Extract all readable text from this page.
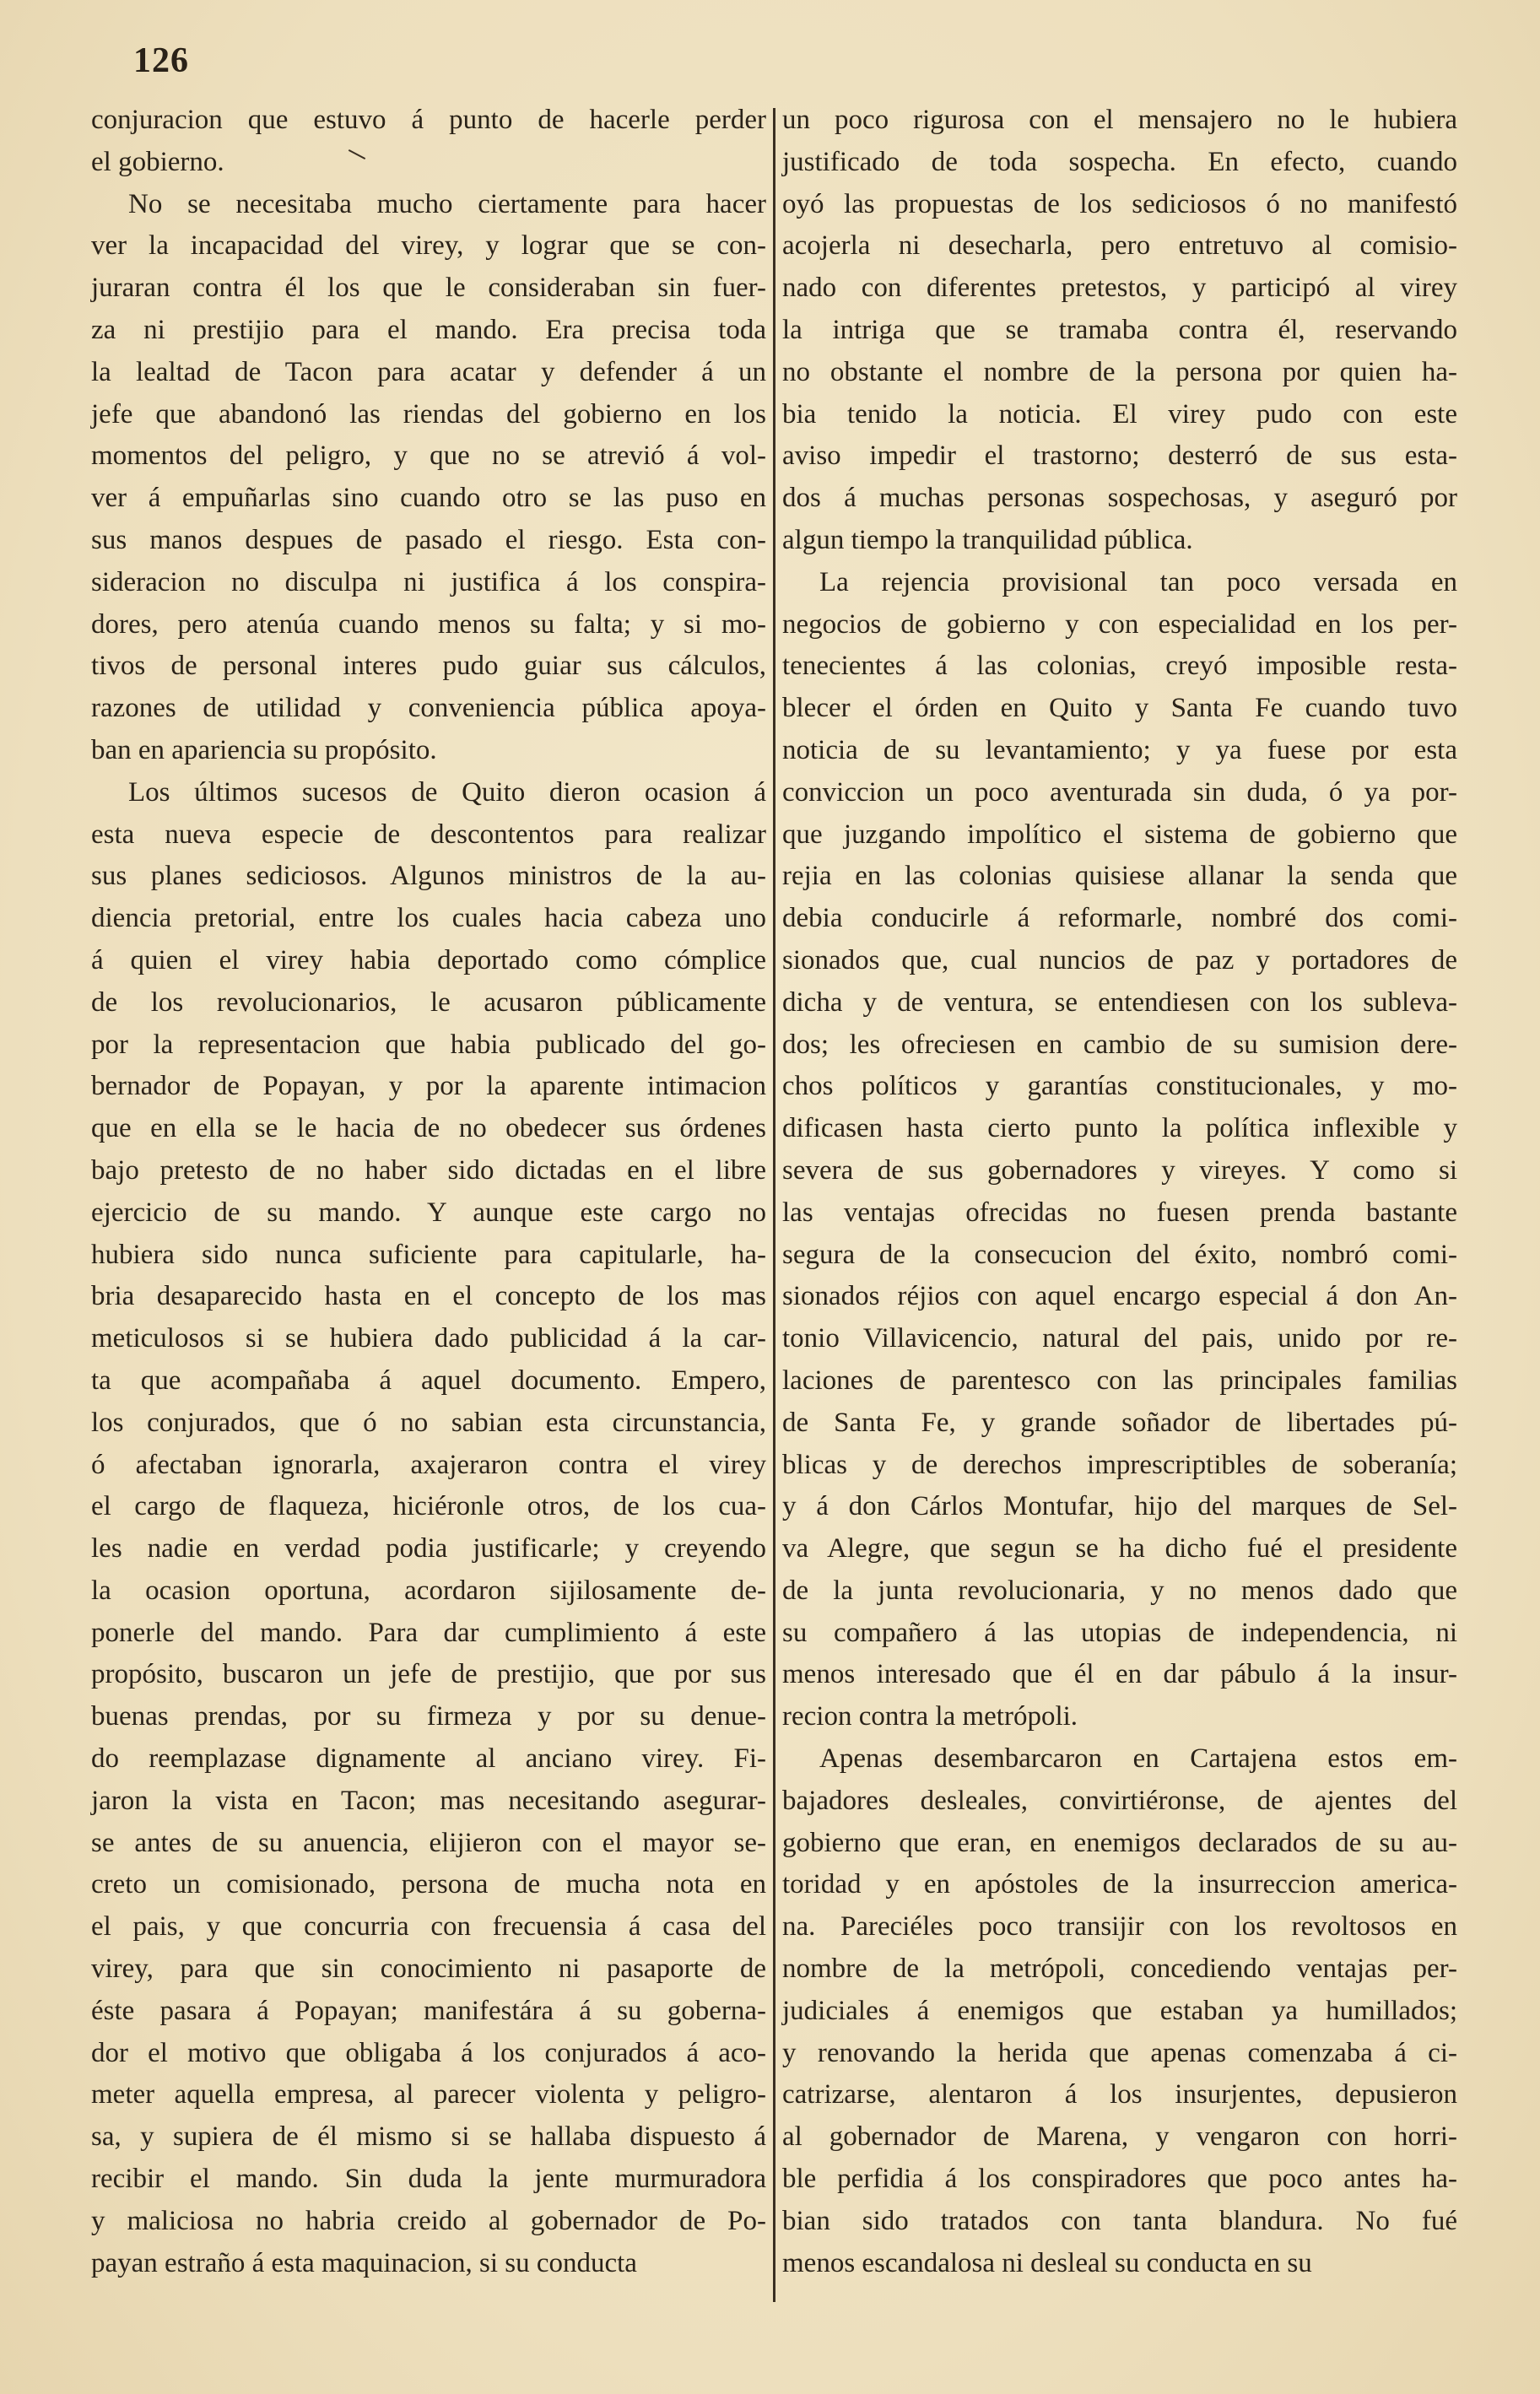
126
conjuracion que estuvo á punto de hacerle perder
el gobierno.
No se necesitaba mucho ciertamente para hacer
ver la incapacidad del virey, y lograr que se con-
juraran contra él los que le consideraban sin fuer-
za ni prestijio para el mando. Era precisa toda
la lealtad de Tacon para acatar y defender á un
jefe que abandonó las riendas del gobierno en los
momentos del peligro, y que no se atrevió á vol-
ver á empuñarlas sino cuando otro se las puso en
sus manos despues de pasado el riesgo. Esta con-
sideracion no disculpa ni justifica á los conspira-
dores, pero atenúa cuando menos su falta; y si mo-
tivos de personal interes pudo guiar sus cálculos,
razones de utilidad y conveniencia pública apoya-
ban en apariencia su propósito.
Los últimos sucesos de Quito dieron ocasion á
esta nueva especie de descontentos para realizar
sus planes sediciosos. Algunos ministros de la au-
diencia pretorial, entre los cuales hacia cabeza uno
á quien el virey habia deportado como cómplice
de los revolucionarios, le acusaron públicamente
por la representacion que habia publicado del go-
bernador de Popayan, y por la aparente intimacion
que en ella se le hacia de no obedecer sus órdenes
bajo pretesto de no haber sido dictadas en el libre
ejercicio de su mando. Y aunque este cargo no
hubiera sido nunca suficiente para capitularle, ha-
bria desaparecido hasta en el concepto de los mas
meticulosos si se hubiera dado publicidad á la car-
ta que acompañaba á aquel documento. Empero,
los conjurados, que ó no sabian esta circunstancia,
ó afectaban ignorarla, axajeraron contra el virey
el cargo de flaqueza, hiciéronle otros, de los cua-
les nadie en verdad podia justificarle; y creyendo
la ocasion oportuna, acordaron sijilosamente de-
ponerle del mando. Para dar cumplimiento á este
propósito, buscaron un jefe de prestijio, que por sus
buenas prendas, por su firmeza y por su denue-
do reemplazase dignamente al anciano virey. Fi-
jaron la vista en Tacon; mas necesitando asegurar-
se antes de su anuencia, elijieron con el mayor se-
creto un comisionado, persona de mucha nota en
el pais, y que concurria con frecuensia á casa del
virey, para que sin conocimiento ni pasaporte de
éste pasara á Popayan; manifestára á su goberna-
dor el motivo que obligaba á los conjurados á aco-
meter aquella empresa, al parecer violenta y peligro-
sa, y supiera de él mismo si se hallaba dispuesto á
recibir el mando. Sin duda la jente murmuradora
y maliciosa no habria creido al gobernador de Po-
payan estraño á esta maquinacion, si su conducta
un poco rigurosa con el mensajero no le hubiera
justificado de toda sospecha. En efecto, cuando
oyó las propuestas de los sediciosos ó no manifestó
acojerla ni desecharla, pero entretuvo al comisio-
nado con diferentes pretestos, y participó al virey
la intriga que se tramaba contra él, reservando
no obstante el nombre de la persona por quien ha-
bia tenido la noticia. El virey pudo con este
aviso impedir el trastorno; desterró de sus esta-
dos á muchas personas sospechosas, y aseguró por
algun tiempo la tranquilidad pública.
La rejencia provisional tan poco versada en
negocios de gobierno y con especialidad en los per-
tenecientes á las colonias, creyó imposible resta-
blecer el órden en Quito y Santa Fe cuando tuvo
noticia de su levantamiento; y ya fuese por esta
conviccion un poco aventurada sin duda, ó ya por-
que juzgando impolítico el sistema de gobierno que
rejia en las colonias quisiese allanar la senda que
debia conducirle á reformarle, nombré dos comi-
sionados que, cual nuncios de paz y portadores de
dicha y de ventura, se entendiesen con los subleva-
dos; les ofreciesen en cambio de su sumision dere-
chos políticos y garantías constitucionales, y mo-
dificasen hasta cierto punto la política inflexible y
severa de sus gobernadores y vireyes. Y como si
las ventajas ofrecidas no fuesen prenda bastante
segura de la consecucion del éxito, nombró comi-
sionados réjios con aquel encargo especial á don An-
tonio Villavicencio, natural del pais, unido por re-
laciones de parentesco con las principales familias
de Santa Fe, y grande soñador de libertades pú-
blicas y de derechos imprescriptibles de soberanía;
y á don Cárlos Montufar, hijo del marques de Sel-
va Alegre, que segun se ha dicho fué el presidente
de la junta revolucionaria, y no menos dado que
su compañero á las utopias de independencia, ni
menos interesado que él en dar pábulo á la insur-
recion contra la metrópoli.
Apenas desembarcaron en Cartajena estos em-
bajadores desleales, convirtiéronse, de ajentes del
gobierno que eran, en enemigos declarados de su au-
toridad y en apóstoles de la insurreccion america-
na. Pareciéles poco transijir con los revoltosos en
nombre de la metrópoli, concediendo ventajas per-
judiciales á enemigos que estaban ya humillados;
y renovando la herida que apenas comenzaba á ci-
catrizarse, alentaron á los insurjentes, depusieron
al gobernador de Marena, y vengaron con horri-
ble perfidia á los conspiradores que poco antes ha-
bian sido tratados con tanta blandura. No fué
menos escandalosa ni desleal su conducta en su
